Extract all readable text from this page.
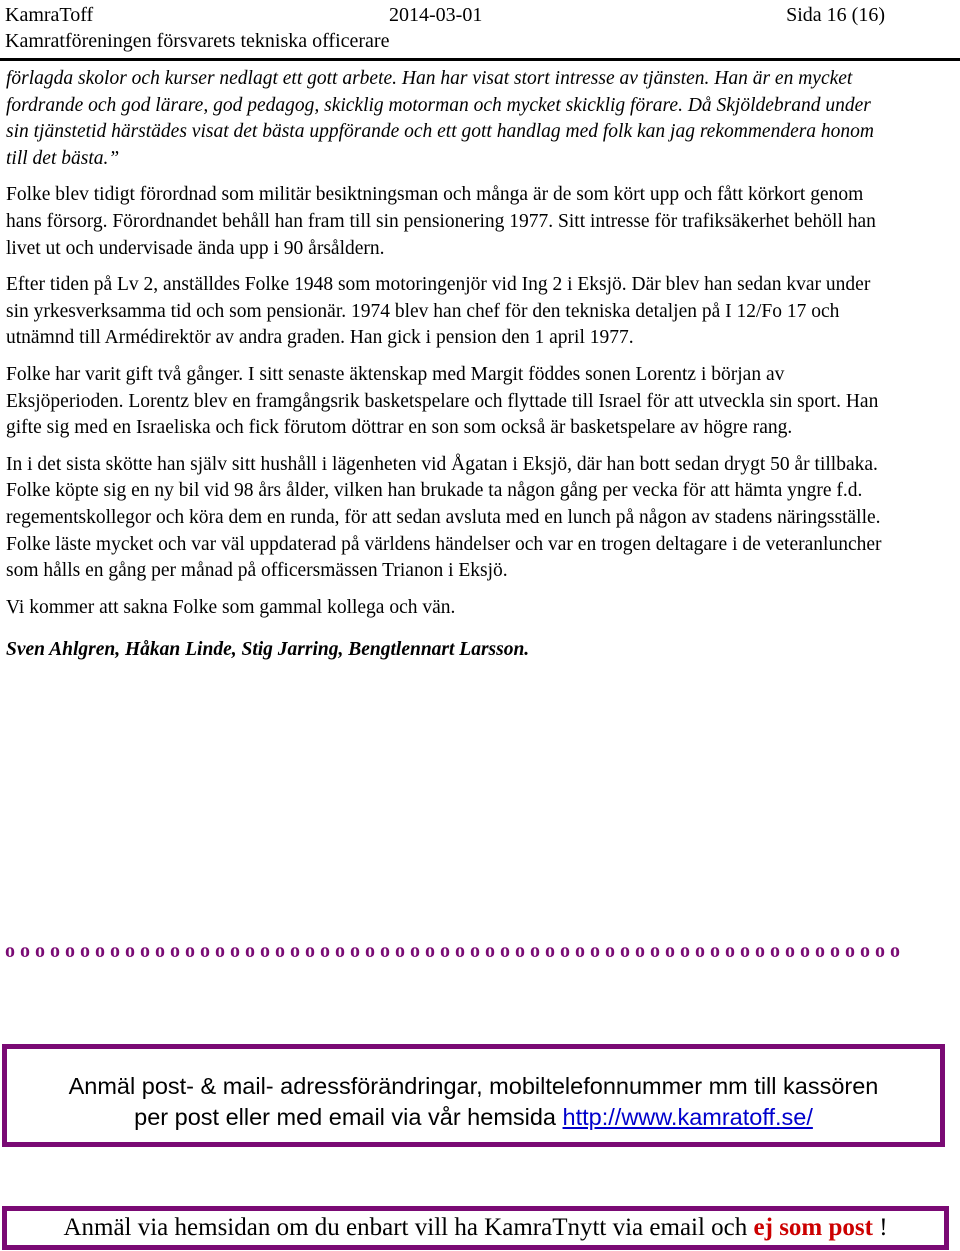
KamraToff	2014-03-01	Sida 16 (16)
Kamratföreningen försvarets tekniska officerare

förlagda skolor och kurser nedlagt ett gott arbete. Han har visat stort intresse av tjänsten. Han är en mycket fordrande och god lärare, god pedagog, skicklig motorman och mycket skicklig förare. Då Skjöldebrand under sin tjänstetid härstädes visat det bästa uppförande och ett gott handlag med folk kan jag rekommendera honom till det bästa.”

Folke blev tidigt förordnad som militär besiktningsman och många är de som kört upp och fått körkort genom hans försorg. Förordnandet behåll han fram till sin pensionering 1977. Sitt intresse för trafiksäkerhet behöll han livet ut och undervisade ända upp i 90 årsåldern.

Efter tiden på Lv 2, anställdes Folke 1948 som motoringenjör vid Ing 2 i Eksjö. Där blev han sedan kvar under sin yrkesverksamma tid och som pensionär. 1974 blev han chef för den tekniska detaljen på I 12/Fo 17 och utnämnd till Armédirektör av andra graden. Han gick i pension den 1 april 1977.

Folke har varit gift två gånger. I sitt senaste äktenskap med Margit föddes sonen Lorentz i början av Eksjöperioden. Lorentz blev en framgångsrik basketspelare och flyttade till Israel för att utveckla sin sport. Han gifte sig med en Israeliska och fick förutom döttrar en son som också är basketspelare av högre rang.

In i det sista skötte han själv sitt hushåll i lägenheten vid Ågatan i Eksjö, där han bott sedan drygt 50 år tillbaka. Folke köpte sig en ny bil vid 98 års ålder, vilken han brukade ta någon gång per vecka för att hämta yngre f.d. regementskollegor och köra dem en runda, för att sedan avsluta med en lunch på någon av stadens näringsställe. Folke läste mycket och var väl uppdaterad på världens händelser och var en trogen deltagare i de veteranluncher som hålls en gång per månad på officersmässen Trianon i Eksjö.

Vi kommer att sakna Folke som gammal kollega och vän.

Sven Ahlgren, Håkan Linde, Stig Jarring, Bengtlennart Larsson.

o o o o o o o o o o o o o o o o o o o o o o o o o o o o o o o o o o o o o o o o o o o o o o o o o o o o o o o o o o o o
Anmäl post- & mail- adressförändringar, mobiltelefonnummer mm till kassören
per post eller med email via vår hemsida http://www.kamratoff.se/
Anmäl via hemsidan om du enbart vill ha KamraTnytt via email och ej som post !
